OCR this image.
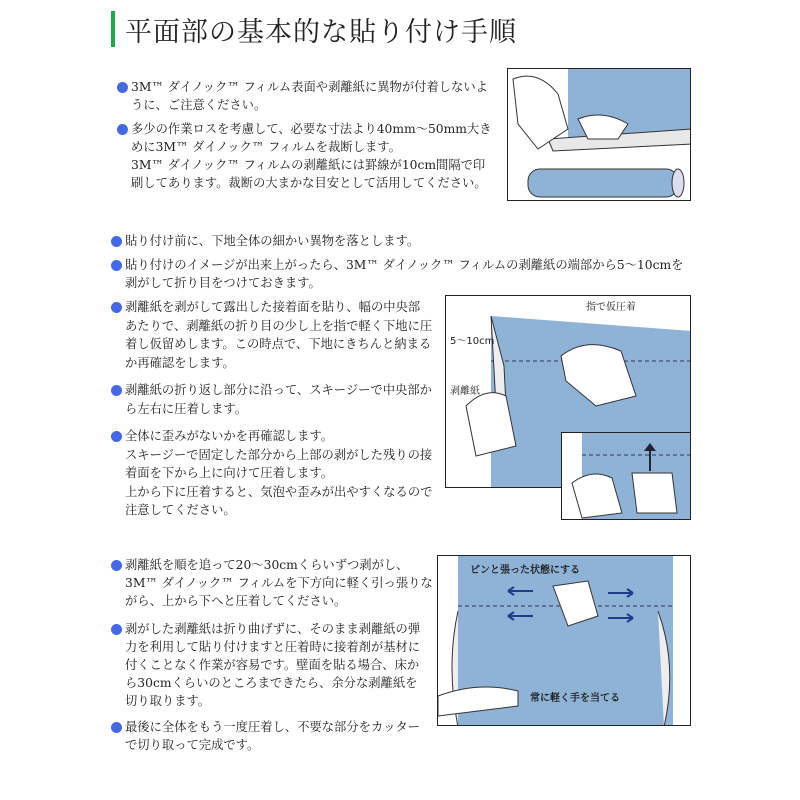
平面部の基本的な貼り付け手順

3M™ ダイノック™ フィルム表面や剥離紙に異物が付着しないよ
うに、ご注意ください。

多少の作業ロスを考慮して、必要な寸法より40mm〜50mm大き
めに3M™ ダイノック™ フィルムを裁断します。
3M™ ダイノック™ フィルムの剥離紙には罫線が10cm間隔で印
刷してあります。裁断の大まかな目安として活用してください。

貼り付け前に、下地全体の細かい異物を落とします。

貼り付けのイメージが出来上がったら、3M™ ダイノック™ フィルムの剥離紙の端部から5〜10cmを
剥がして折り目をつけておきます。

剥離紙を剥がして露出した接着面を貼り、幅の中央部
あたりで、剥離紙の折り目の少し上を指で軽く下地に圧
着し仮留めします。この時点で、下地にきちんと納まる
か再確認をします。

剥離紙の折り返し部分に沿って、スキージーで中央部か
ら左右に圧着します。

全体に歪みがないかを再確認します。
スキージーで固定した部分から上部の剥がした残りの接
着面を下から上に向けて圧着します。
上から下に圧着すると、気泡や歪みが出やすくなるので
注意してください。

指で仮圧着
5〜10cm
剥離紙

剥離紙を順を追って20〜30cmくらいずつ剥がし、
3M™ ダイノック™ フィルムを下方向に軽く引っ張りな
がら、上から下へと圧着してください。

剥がした剥離紙は折り曲げずに、そのまま剥離紙の弾
力を利用して貼り付けますと圧着時に接着剤が基材に
付くことなく作業が容易です。壁面を貼る場合、床か
ら30cmくらいのところまできたら、余分な剥離紙を
切り取ります。

最後に全体をもう一度圧着し、不要な部分をカッター
で切り取って完成です。

ピンと張った状態にする
常に軽く手を当てる
